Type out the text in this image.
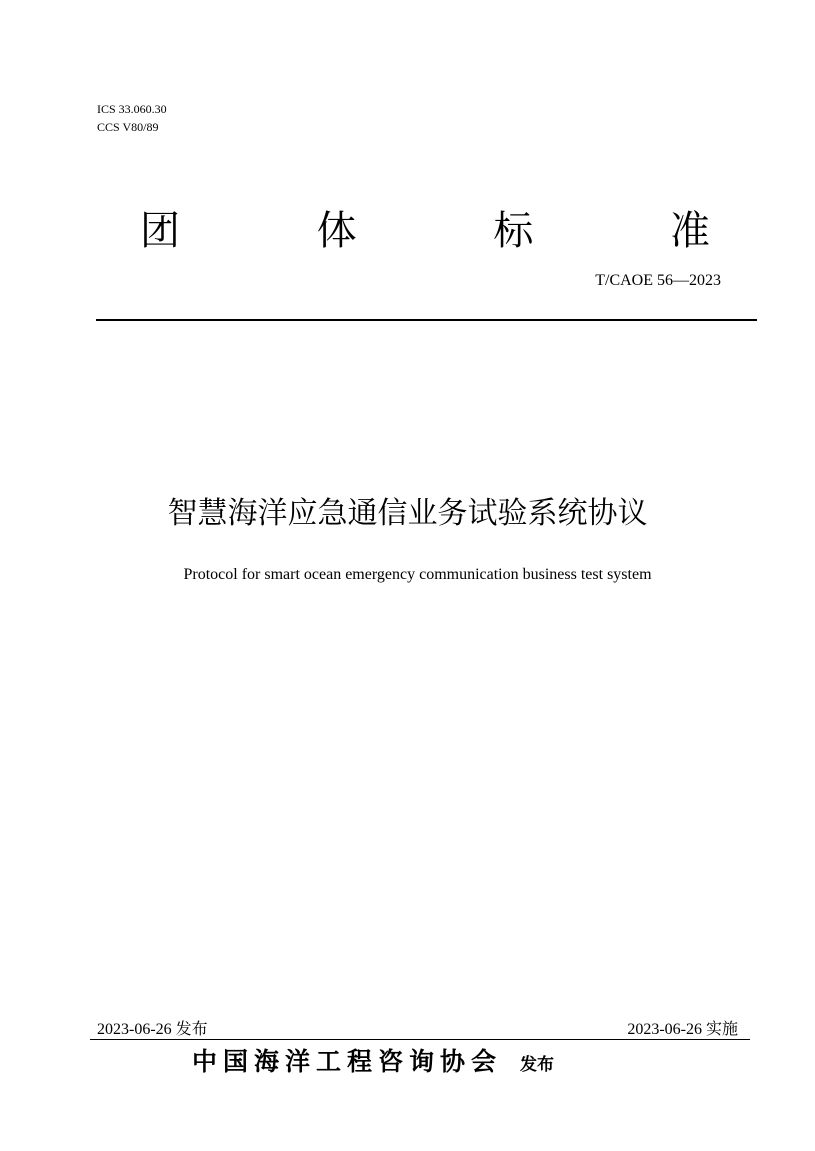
ICS 33.060.30
CCS V80/89
团	体	标	准
T/CAOE 56—2023
智慧海洋应急通信业务试验系统协议
Protocol for smart ocean emergency communication business test system
2023-06-26 发布	2023-06-26 实施
中国海洋工程咨询协会 发布
